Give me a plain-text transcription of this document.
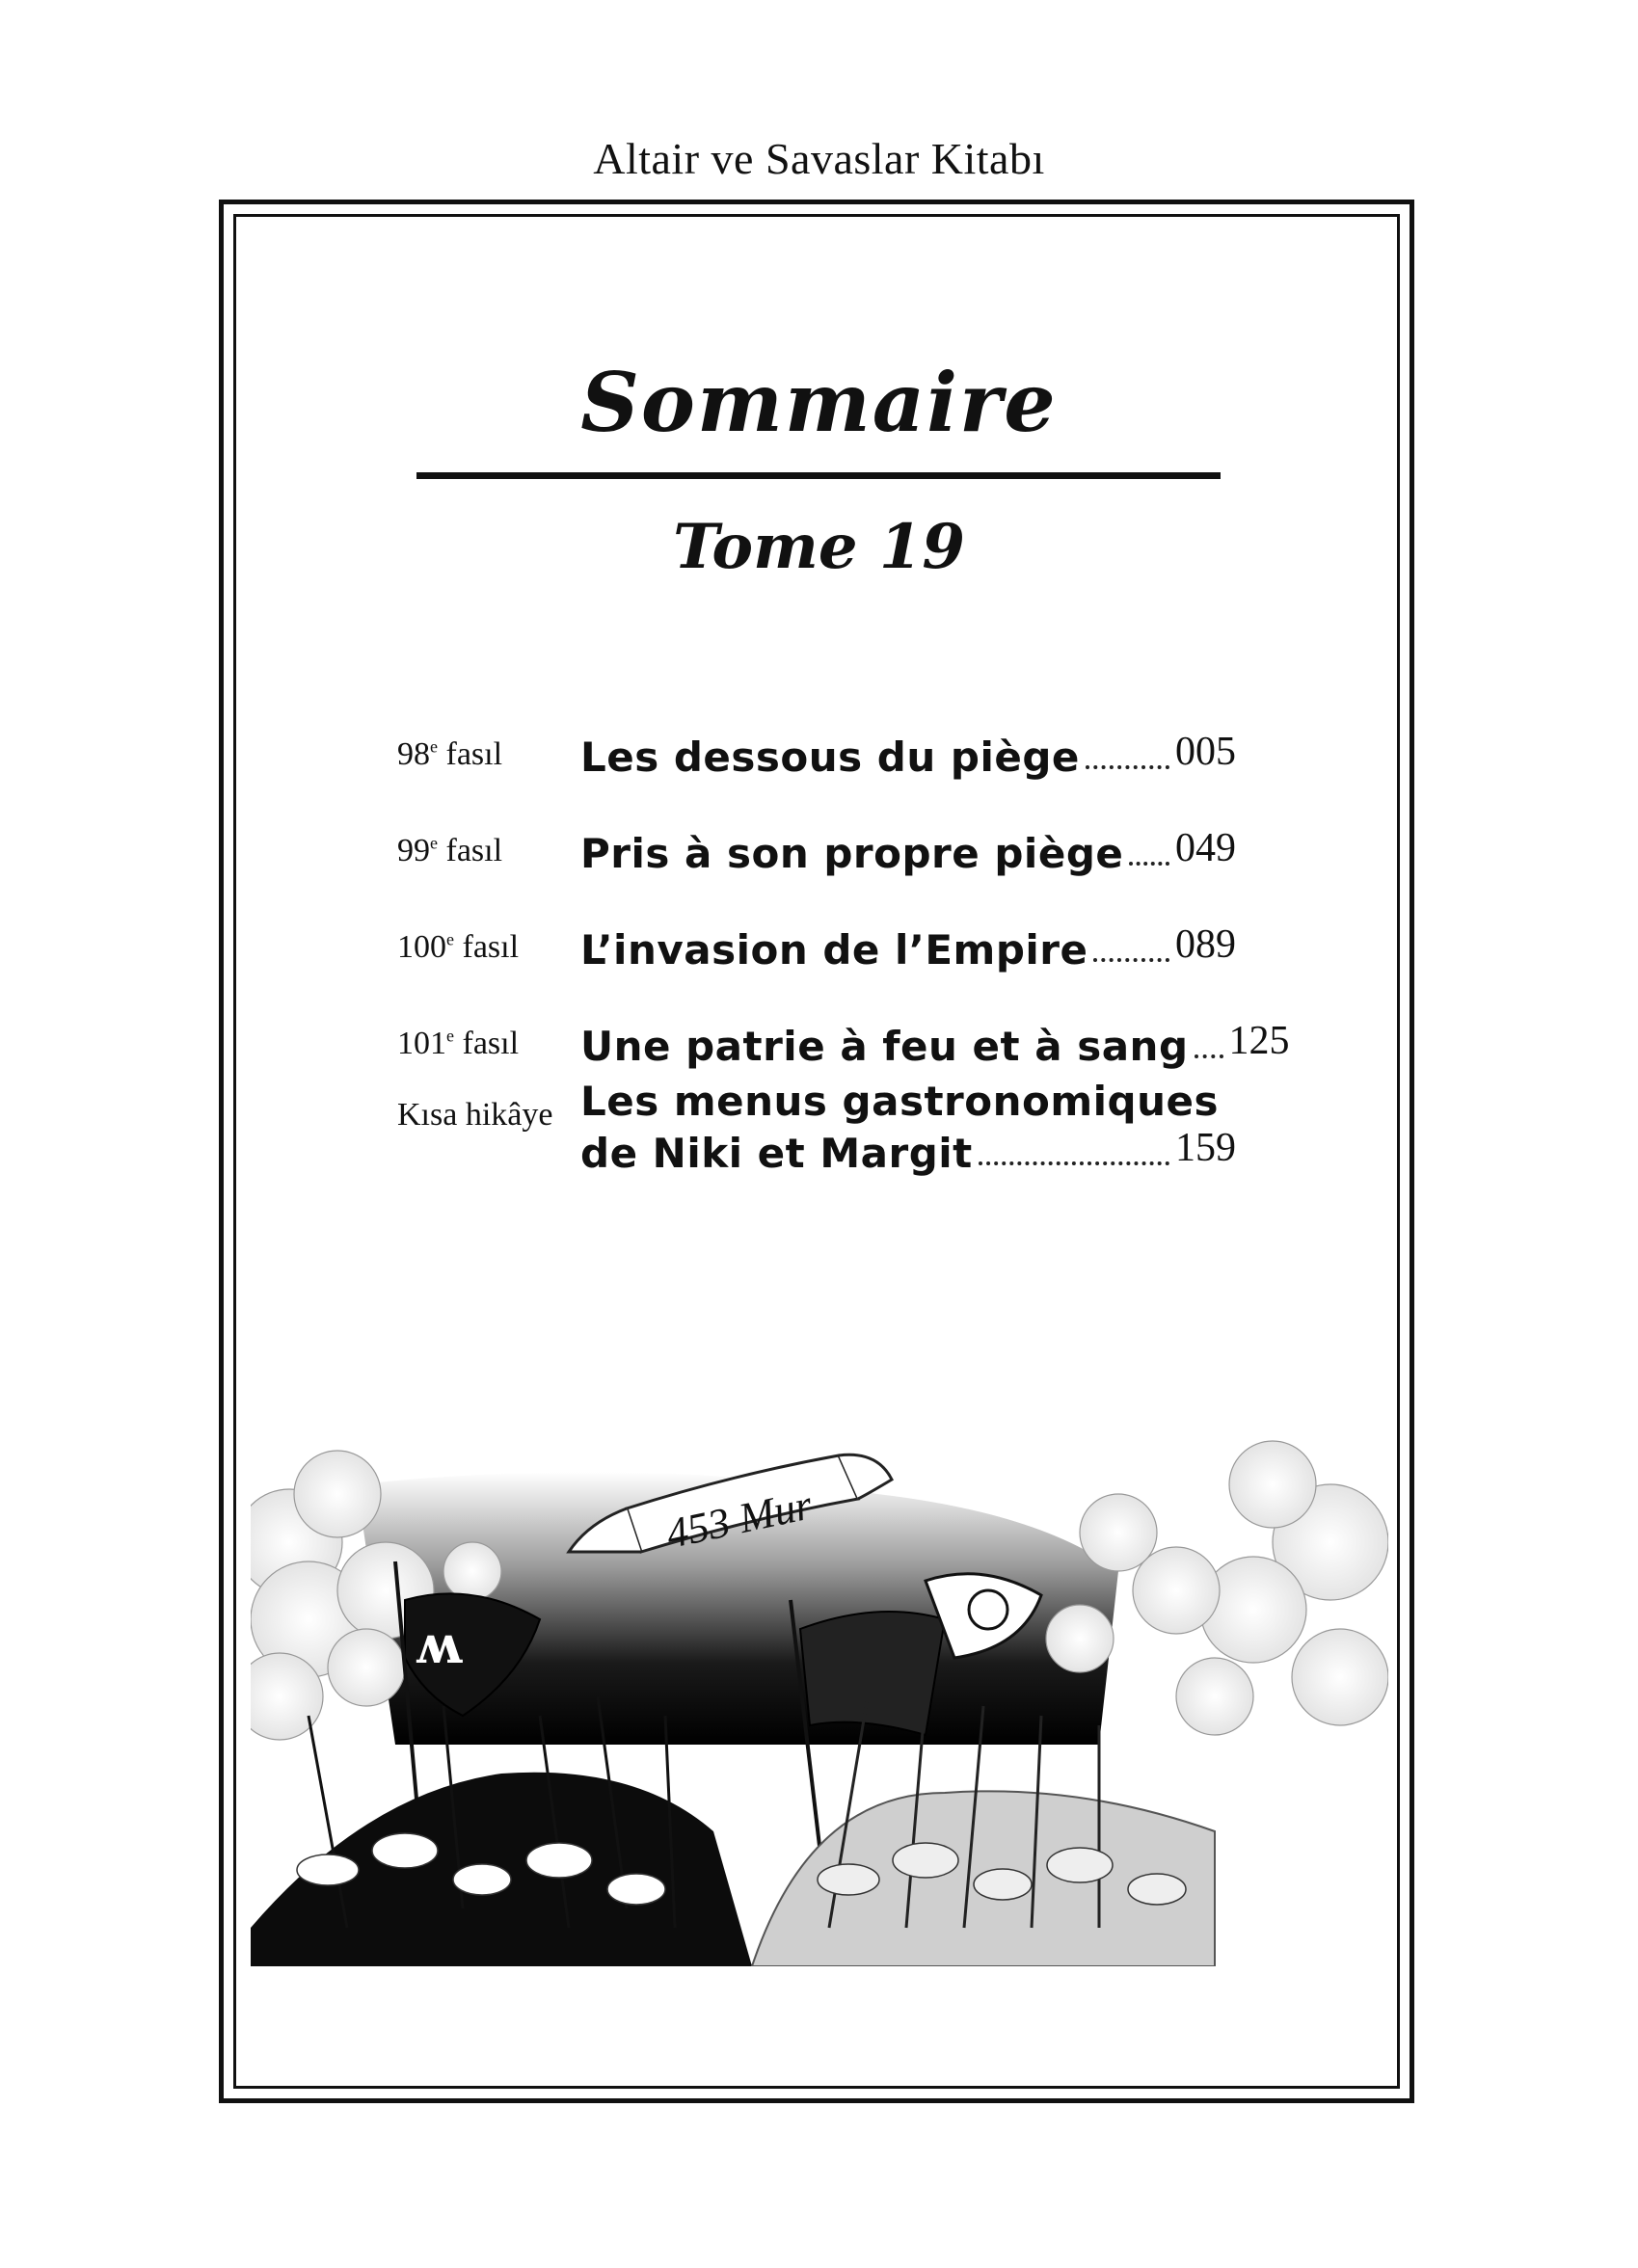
Altair ve Savaslar Kitabı
Sommaire
Tome 19
98e fasıl	Les dessous du piège 005
99e fasıl	Pris à son propre piège 049
100e fasıl	L’invasion de l’Empire 089
101e fasıl	Une patrie à feu et à sang 125
Kısa hikâye Les menus gastronomiques
de Niki et Margit	159
453 Mur
ʍ
